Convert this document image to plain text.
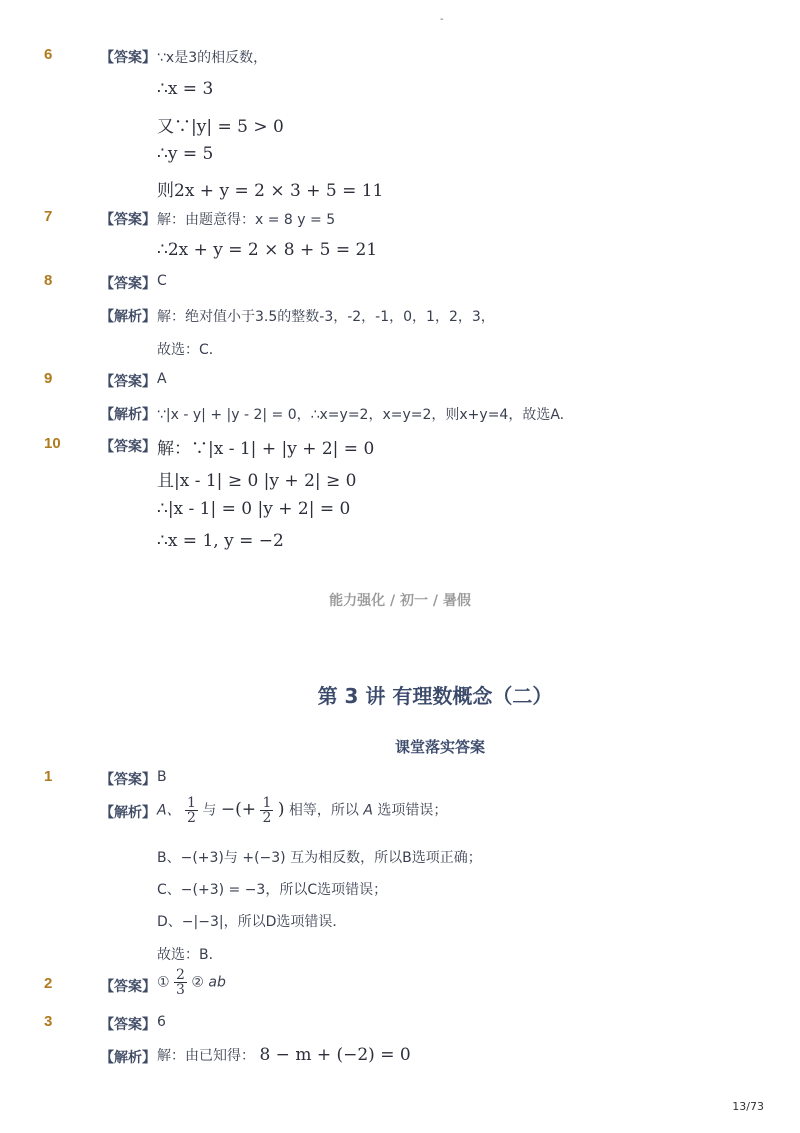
-
6	【答案】 ∵x是3的相反数，
∴x = 3
又∵|y| = 5 > 0
∴y = 5
则2x + y = 2 × 3 + 5 = 11
7	【答案】 解：由题意得：x = 8 y = 5
∴2x + y = 2 × 8 + 5 = 21
8	【答案】 C
【解析】 解：绝对值小于3.5的整数-3，-2，-1，0，1，2，3，
故选：C．
9	【答案】 A
【解析】 ∵|x - y| + |y - 2| = 0，∴x=y=2，x=y=2，则x+y=4，故选A.
10	【答案】 解：∵|x - 1| + |y + 2| = 0
且|x - 1| ≥ 0 |y + 2| ≥ 0
∴|x - 1| = 0 |y + 2| = 0
∴x = 1, y = −2
能力强化 / 初一 / 暑假
第 3 讲 有理数概念（二）
课堂落实答案
1	【答案】 B
【解析】 A、 $\frac{1}{2}$ 与 −(+ $\frac{1}{2}$ ) 相等，所以 A 选项错误；
B、−(+3)与 +(−3) 互为相反数，所以B选项正确；
C、−(+3) = −3，所以C选项错误；
D、−|−3|，所以D选项错误．
故选：B．
2	【答案】 ① $\frac{2}{3}$ ② ab
3	【答案】 6
【解析】 解：由已知得： 8 − m + (−2) = 0
13/73
